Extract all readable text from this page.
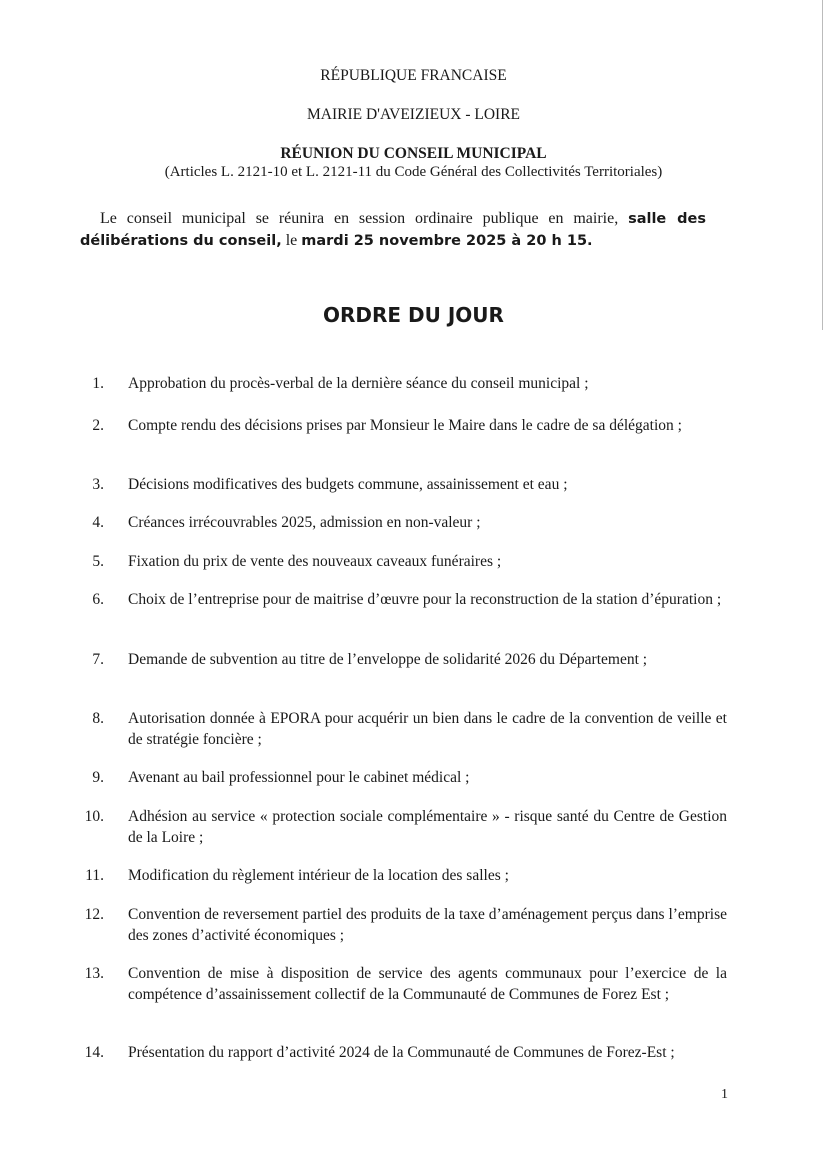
RÉPUBLIQUE FRANCAISE
MAIRIE D'AVEIZIEUX - LOIRE
RÉUNION DU CONSEIL MUNICIPAL
(Articles L. 2121-10 et L. 2121-11 du Code Général des Collectivités Territoriales)
Le conseil municipal se réunira en session ordinaire publique en mairie, salle des délibérations du conseil, le mardi 25 novembre 2025 à 20 h 15.
ORDRE DU JOUR
1. Approbation du procès-verbal de la dernière séance du conseil municipal ;
2. Compte rendu des décisions prises par Monsieur le Maire dans le cadre de sa délégation ;
3. Décisions modificatives des budgets commune, assainissement et eau ;
4. Créances irrécouvrables 2025, admission en non-valeur ;
5. Fixation du prix de vente des nouveaux caveaux funéraires ;
6. Choix de l’entreprise pour de maitrise d’œuvre pour la reconstruction de la station d’épuration ;
7. Demande de subvention au titre de l’enveloppe de solidarité 2026 du Département ;
8. Autorisation donnée à EPORA pour acquérir un bien dans le cadre de la convention de veille et de stratégie foncière ;
9. Avenant au bail professionnel pour le cabinet médical ;
10. Adhésion au service « protection sociale complémentaire » - risque santé du Centre de Gestion de la Loire ;
11. Modification du règlement intérieur de la location des salles ;
12. Convention de reversement partiel des produits de la taxe d’aménagement perçus dans l’emprise des zones d’activité économiques ;
13. Convention de mise à disposition de service des agents communaux pour l’exercice de la compétence d’assainissement collectif de la Communauté de Communes de Forez Est ;
14. Présentation du rapport d’activité 2024 de la Communauté de Communes de Forez-Est ;
1
